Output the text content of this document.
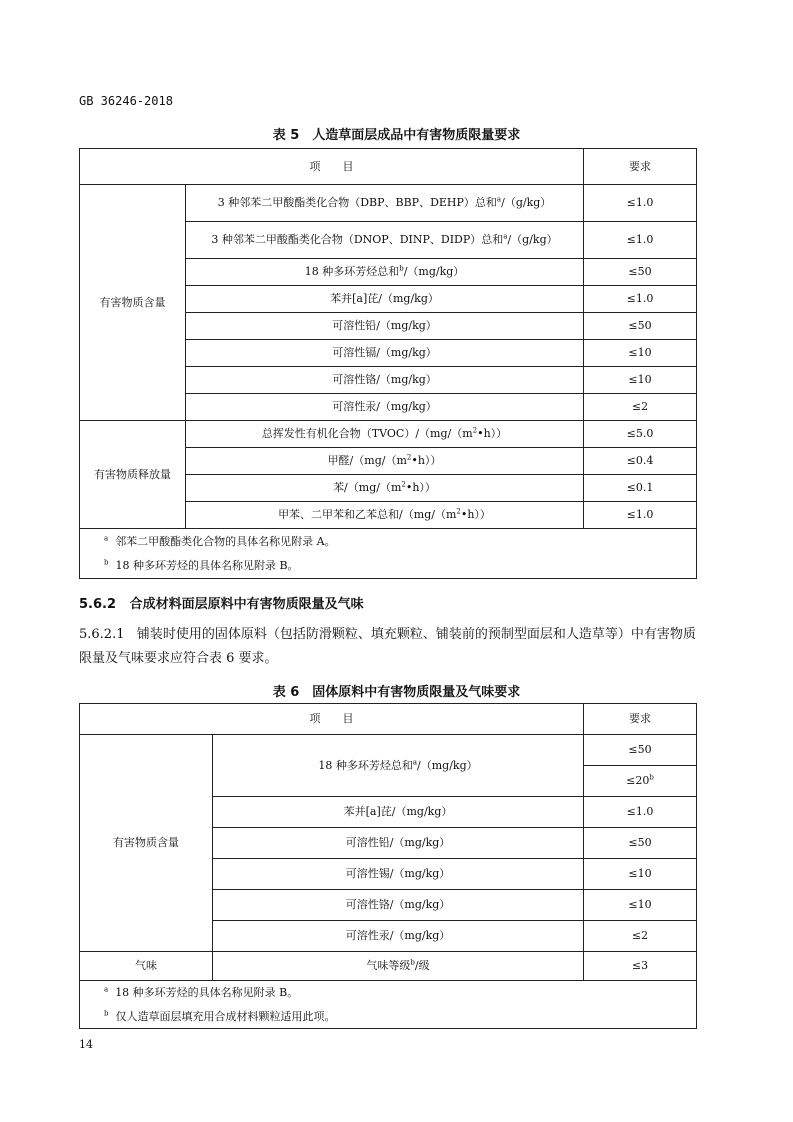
GB 36246-2018
表 5　人造草面层成品中有害物质限量要求
项　　目		要求
有害物质含量	3 种邻苯二甲酸酯类化合物（DBP、BBP、DEHP）总和$^a$/（g/kg）	≤1.0
	3 种邻苯二甲酸酯类化合物（DNOP、DINP、DIDP）总和$^a$/（g/kg）	≤1.0
	18 种多环芳烃总和$^b$/（mg/kg）	≤50
	苯并[a]芘/（mg/kg）	≤1.0
	可溶性铅/（mg/kg）	≤50
	可溶性镉/（mg/kg）	≤10
	可溶性铬/（mg/kg）	≤10
	可溶性汞/（mg/kg）	≤2
有害物质释放量	总挥发性有机化合物$(TVOC)/(mg/(m^2•h))$	≤5.0
	甲醛$/(mg/(m^2•h))$	≤0.4
	苯$/(mg/(m^2•h))$	≤0.1
	甲苯、二甲苯和乙苯总和$/(mg/(m^2•h))$	≤1.0
$^a$ 邻苯二甲酸酯类化合物的具体名称见附录 A。		
$^b$ 18 种多环芳烃的具体名称见附录 B。		
5.6.2 合成材料面层原料中有害物质限量及气味
5.6.2.1 铺装时使用的固体原料（包括防滑颗粒、填充颗粒、铺装前的预制型面层和人造草等）中有害物质限量及气味要求应符合表 6 要求。
表 6　固体原料中有害物质限量及气味要求
项　　目		要求
有害物质含量	18 种多环芳烃总和$^a$/（mg/kg）	≤50
		$\le 20^b$
	苯并[a]芘/（mg/kg）	≤1.0
	可溶性铅/（mg/kg）	≤50
	可溶性锡/（mg/kg）	≤10
	可溶性铬/（mg/kg）	≤10
	可溶性汞/（mg/kg）	≤2
气味	气味等级$^b$/级	≤3
$^a$ 18 种多环芳烃的具体名称见附录 B。		
$^b$ 仅人造草面层填充用合成材料颗粒适用此项。		
14
